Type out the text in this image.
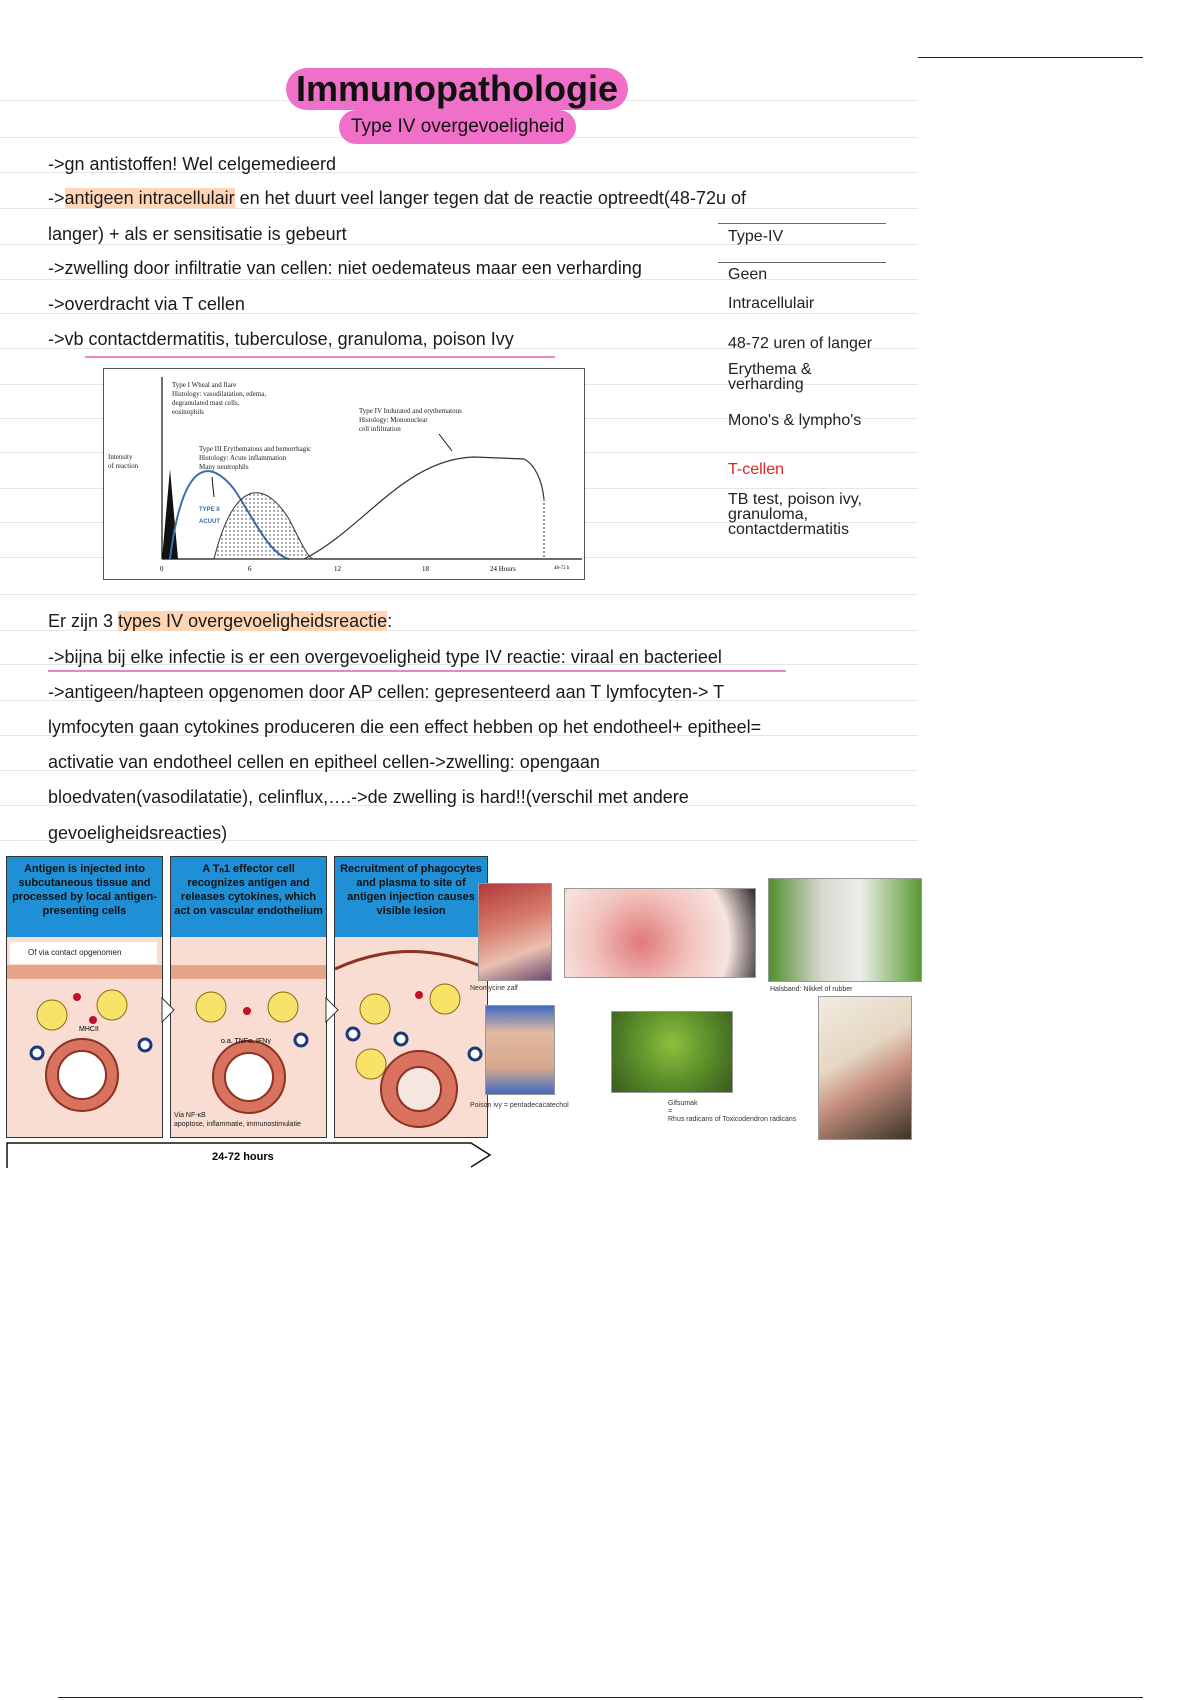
Immunopathologie
Type IV overgevoeligheid
->gn antistoffen! Wel celgemedieerd
->antigeen intracellulair en het duurt veel langer tegen dat de reactie optreedt(48-72u of
langer) + als er sensitisatie is gebeurt
->zwelling door infiltratie van cellen: niet oedemateus maar een verharding
->overdracht via T cellen
->vb contactdermatitis, tuberculose, granuloma, poison Ivy
Type-IV
Geen
Intracellulair
48-72 uren of langer
Erythema &
verharding
Mono's & lympho's
T-cellen
TB test, poison ivy,
granuloma,
contactdermatitis
Intensity of reaction
Type I Wheal and flare
Histology: vasodilatation, edema,
degranulated mast cells,
eosinophils
Type III Erythematous and hemorrhagic
Histology: Acute inflammation
Many neutrophils
Type IV Indurated and erythematous
Histology: Mononuclear
cell infiltration
TYPE II
ACUUT
0	6	12	18	24 Hours	48-72 h
Er zijn 3 types IV overgevoeligheidsreactie:
->bijna bij elke infectie is er een overgevoeligheid type IV reactie: viraal en bacterieel
->antigeen/hapteen opgenomen door AP cellen: gepresenteerd aan T lymfocyten-> T
lymfocyten gaan cytokines produceren die een effect hebben op het endotheel+ epitheel=
activatie van endotheel cellen en epitheel cellen->zwelling: opengaan
bloedvaten(vasodilatatie), celinflux,….->de zwelling is hard!!(verschil met andere
gevoeligheidsreacties)
Antigen is injected into subcutaneous tissue and processed by local antigen-presenting cells
Of via contact opgenomen
MHCII
A Tₙ1 effector cell recognizes antigen and releases cytokines, which act on vascular endothelium
o.a. TNFα, IFNγ
Via NF-κB
apoptose, inflammatie, immunostimulatie
Recruitment of phagocytes and plasma to site of antigen injection causes visible lesion
24-72 hours
Neomycine zalf	Halsband: Nikkel of rubber
Poison ivy = pentadecacatechol	Gifsumak
=
Rhus radicans of Toxicodendron radicans
